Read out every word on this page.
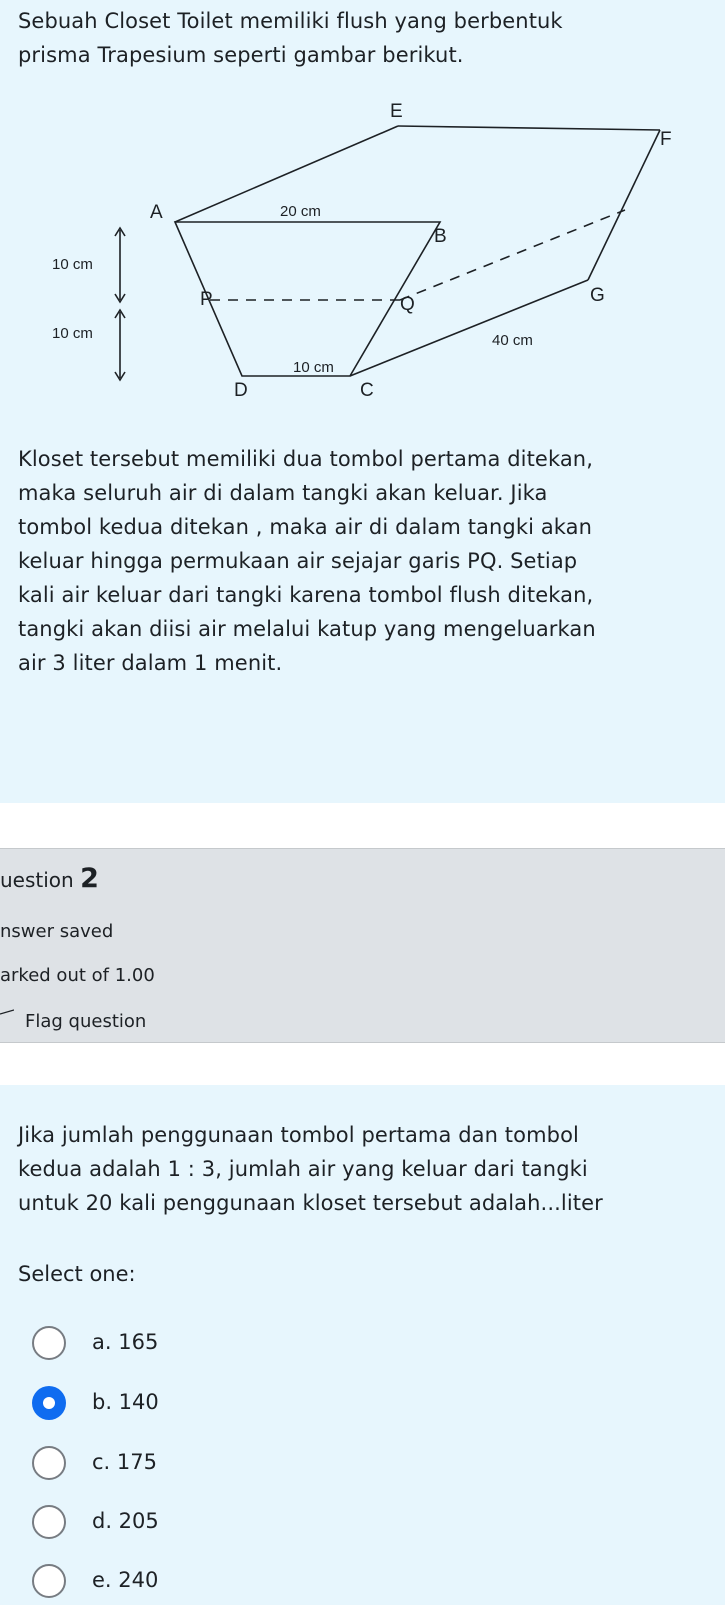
Sebuah Closet Toilet memiliki flush yang berbentuk
prisma Trapesium seperti gambar berikut.

A
B
C
D
E
F
G
P	Q
20 cm
10 cm
10 cm
10 cm
40 cm

Kloset tersebut memiliki dua tombol pertama ditekan,
maka seluruh air di dalam tangki akan keluar. Jika
tombol kedua ditekan , maka air di dalam tangki akan
keluar hingga permukaan air sejajar garis PQ. Setiap
kali air keluar dari tangki karena tombol flush ditekan,
tangki akan diisi air melalui katup yang mengeluarkan
air 3 liter dalam 1 menit.

uestion 2
nswer saved
arked out of 1.00
Flag question

Jika jumlah penggunaan tombol pertama dan tombol
kedua adalah 1 : 3, jumlah air yang keluar dari tangki
untuk 20 kali penggunaan kloset tersebut adalah...liter

Select one:
a. 165
b. 140
c. 175
d. 205
e. 240
